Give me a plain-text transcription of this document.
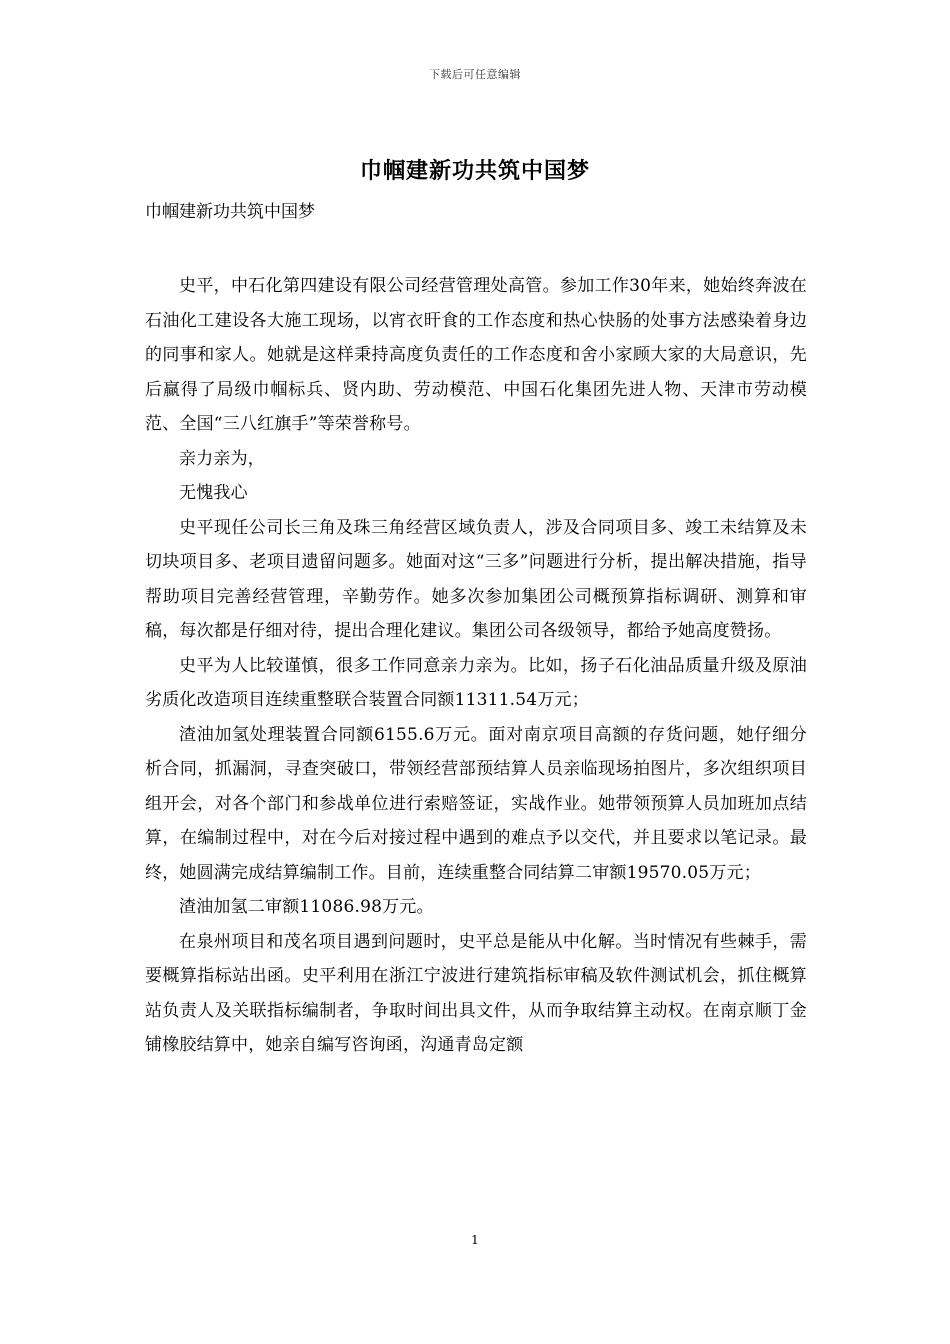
下载后可任意编辑
巾帼建新功共筑中国梦
巾帼建新功共筑中国梦

史平，中石化第四建设有限公司经营管理处高管。参加工作30年来，她始终奔波在石油化工建设各大施工现场，以宵衣旰食的工作态度和热心快肠的处事方法感染着身边的同事和家人。她就是这样秉持高度负责任的工作态度和舍小家顾大家的大局意识，先后赢得了局级巾帼标兵、贤内助、劳动模范、中国石化集团先进人物、天津市劳动模范、全国“三八红旗手”等荣誉称号。

亲力亲为，

无愧我心

史平现任公司长三角及珠三角经营区域负责人，涉及合同项目多、竣工未结算及未切块项目多、老项目遗留问题多。她面对这“三多”问题进行分析，提出解决措施，指导帮助项目完善经营管理，辛勤劳作。她多次参加集团公司概预算指标调研、测算和审稿，每次都是仔细对待，提出合理化建议。集团公司各级领导，都给予她高度赞扬。

史平为人比较谨慎，很多工作同意亲力亲为。比如，扬子石化油品质量升级及原油劣质化改造项目连续重整联合装置合同额11311.54万元；

渣油加氢处理装置合同额6155.6万元。面对南京项目高额的存货问题，她仔细分析合同，抓漏洞，寻查突破口，带领经营部预结算人员亲临现场拍图片，多次组织项目组开会，对各个部门和参战单位进行索赔签证，实战作业。她带领预算人员加班加点结算，在编制过程中，对在今后对接过程中遇到的难点予以交代，并且要求以笔记录。最终，她圆满完成结算编制工作。目前，连续重整合同结算二审额19570.05万元；

渣油加氢二审额11086.98万元。

在泉州项目和茂名项目遇到问题时，史平总是能从中化解。当时情况有些棘手，需要概算指标站出函。史平利用在浙江宁波进行建筑指标审稿及软件测试机会，抓住概算站负责人及关联指标编制者，争取时间出具文件，从而争取结算主动权。在南京顺丁金铺橡胶结算中，她亲自编写咨询函，沟通青岛定额

1
